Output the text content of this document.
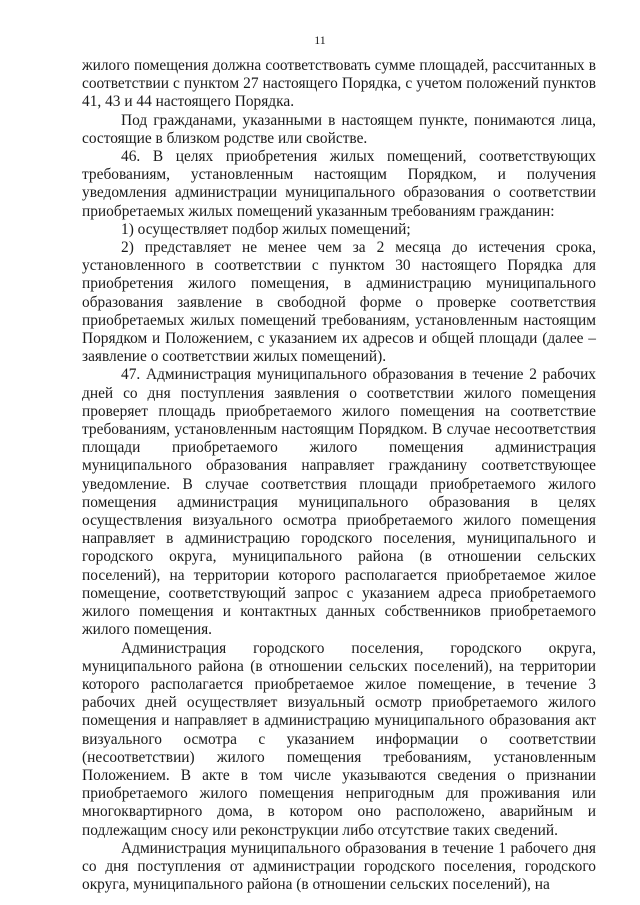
11

жилого помещения должна соответствовать сумме площадей, рассчитанных в соответствии с пунктом 27 настоящего Порядка, с учетом положений пунктов 41, 43 и 44 настоящего Порядка.

Под гражданами, указанными в настоящем пункте, понимаются лица, состоящие в близком родстве или свойстве.

46. В целях приобретения жилых помещений, соответствующих требованиям, установленным настоящим Порядком, и получения уведомления администрации муниципального образования о соответствии приобретаемых жилых помещений указанным требованиям гражданин:

1) осуществляет подбор жилых помещений;

2) представляет не менее чем за 2 месяца до истечения срока, установленного в соответствии с пунктом 30 настоящего Порядка для приобретения жилого помещения, в администрацию муниципального образования заявление в свободной форме о проверке соответствия приобретаемых жилых помещений требованиям, установленным настоящим Порядком и Положением, с указанием их адресов и общей площади (далее – заявление о соответствии жилых помещений).

47. Администрация муниципального образования в течение 2 рабочих дней со дня поступления заявления о соответствии жилого помещения проверяет площадь приобретаемого жилого помещения на соответствие требованиям, установленным настоящим Порядком. В случае несоответствия площади приобретаемого жилого помещения администрация муниципального образования направляет гражданину соответствующее уведомление. В случае соответствия площади приобретаемого жилого помещения администрация муниципального образования в целях осуществления визуального осмотра приобретаемого жилого помещения направляет в администрацию городского поселения, муниципального и городского округа, муниципального района (в отношении сельских поселений), на территории которого располагается приобретаемое жилое помещение, соответствующий запрос с указанием адреса приобретаемого жилого помещения и контактных данных собственников приобретаемого жилого помещения.

Администрация городского поселения, городского округа, муниципального района (в отношении сельских поселений), на территории которого располагается приобретаемое жилое помещение, в течение 3 рабочих дней осуществляет визуальный осмотр приобретаемого жилого помещения и направляет в администрацию муниципального образования акт визуального осмотра с указанием информации о соответствии (несоответствии) жилого помещения требованиям, установленным Положением. В акте в том числе указываются сведения о признании приобретаемого жилого помещения непригодным для проживания или многоквартирного дома, в котором оно расположено, аварийным и подлежащим сносу или реконструкции либо отсутствие таких сведений.

Администрация муниципального образования в течение 1 рабочего дня со дня поступления от администрации городского поселения, городского округа, муниципального района (в отношении сельских поселений), на
